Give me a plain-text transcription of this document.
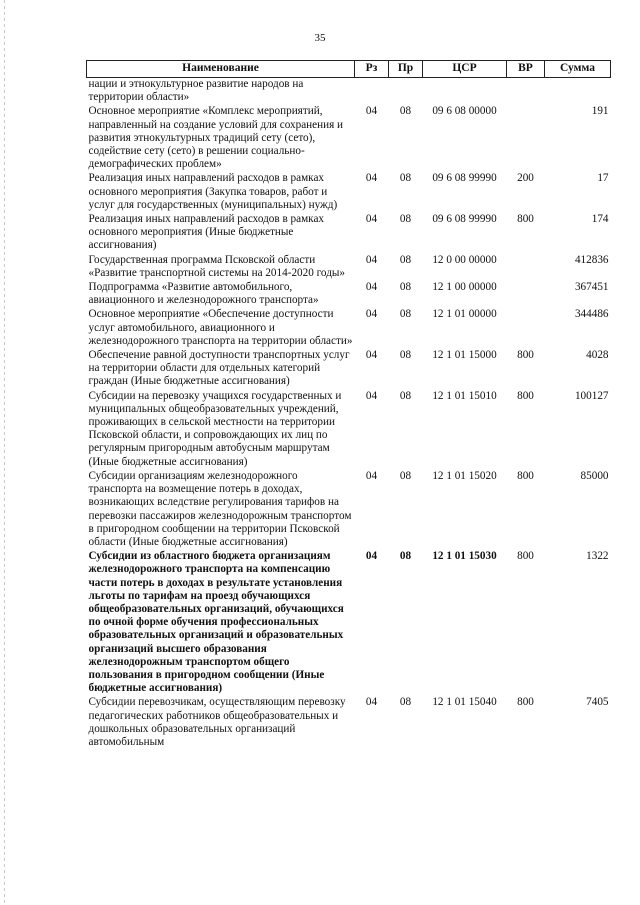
35
Наименование	Рз	Пр	ЦСР	ВР	Сумма
нации и этнокультурное развитие народов на территории области»					
Основное мероприятие «Комплекс мероприятий, направленный на создание условий для сохранения и развития этнокультурных традиций сету (сето), содействие сету (сето) в решении социально-демографических проблем»	04	08	09 6 08 00000		191
Реализация иных направлений расходов в рамках основного мероприятия (Закупка товаров, работ и услуг для государственных (муниципальных) нужд)	04	08	09 6 08 99990	200	17
Реализация иных направлений расходов в рамках основного мероприятия (Иные бюджетные ассигнования)	04	08	09 6 08 99990	800	174
Государственная программа Псковской области «Развитие транспортной системы на 2014-2020 годы»	04	08	12 0 00 00000		412836
Подпрограмма «Развитие автомобильного, авиационного и железнодорожного транспорта»	04	08	12 1 00 00000		367451
Основное мероприятие «Обеспечение доступности услуг автомобильного, авиационного и железнодорожного транспорта на территории области»	04	08	12 1 01 00000		344486
Обеспечение равной доступности транспортных услуг на территории области для отдельных категорий граждан (Иные бюджетные ассигнования)	04	08	12 1 01 15000	800	4028
Субсидии на перевозку учащихся государственных и муниципальных общеобразовательных учреждений, проживающих в сельской местности на территории Псковской области, и сопровождающих их лиц по регулярным пригородным автобусным маршрутам (Иные бюджетные ассигнования)	04	08	12 1 01 15010	800	100127
Субсидии организациям железнодорожного транспорта на возмещение потерь в доходах, возникающих вследствие регулирования тарифов на перевозки пассажиров железнодорожным транспортом в пригородном сообщении на территории Псковской области (Иные бюджетные ассигнования)	04	08	12 1 01 15020	800	85000
Субсидии из областного бюджета организациям железнодорожного транспорта на компенсацию части потерь в доходах в результате установления льготы по тарифам на проезд обучающихся общеобразовательных организаций, обучающихся по очной форме обучения профессиональных образовательных организаций и образовательных организаций высшего образования железнодорожным транспортом общего пользования в пригородном сообщении (Иные бюджетные ассигнования)	04	08	12 1 01 15030	800	1322
Субсидии перевозчикам, осуществляющим перевозку педагогических работников общеобразовательных и дошкольных образовательных организаций автомобильным	04	08	12 1 01 15040	800	7405
